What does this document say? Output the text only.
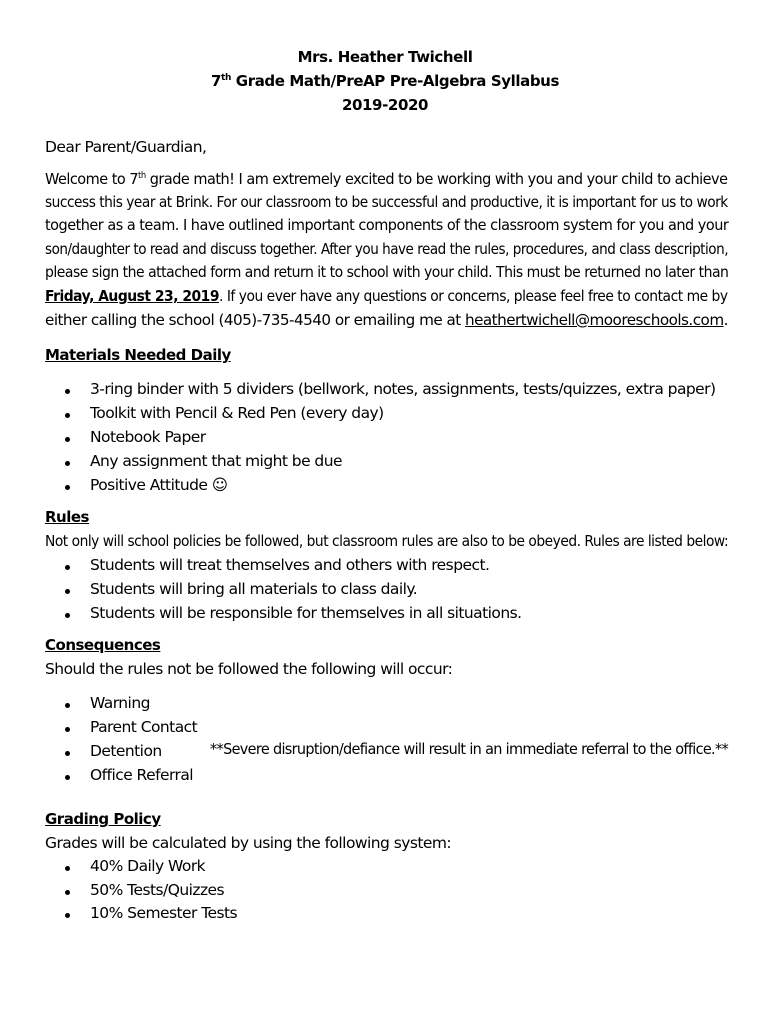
Mrs. Heather Twichell
7th Grade Math/PreAP Pre-Algebra Syllabus
2019-2020
Dear Parent/Guardian,
Welcome to 7th grade math! I am extremely excited to be working with you and your child to achieve
success this year at Brink. For our classroom to be successful and productive, it is important for us to work
together as a team. I have outlined important components of the classroom system for you and your
son/daughter to read and discuss together. After you have read the rules, procedures, and class description,
please sign the attached form and return it to school with your child. This must be returned no later than
Friday, August 23, 2019. If you ever have any questions or concerns, please feel free to contact me by
either calling the school (405)-735-4540 or emailing me at heathertwichell@mooreschools.com.
Materials Needed Daily
3-ring binder with 5 dividers (bellwork, notes, assignments, tests/quizzes, extra paper)
Toolkit with Pencil & Red Pen (every day)
Notebook Paper
Any assignment that might be due
Positive Attitude ☺
Rules
Not only will school policies be followed, but classroom rules are also to be obeyed. Rules are listed below:
Students will treat themselves and others with respect.
Students will bring all materials to class daily.
Students will be responsible for themselves in all situations.
Consequences
Should the rules not be followed the following will occur:
Warning
Parent Contact
Detention	**Severe disruption/defiance will result in an immediate referral to the office.**
Office Referral
Grading Policy
Grades will be calculated by using the following system:
40% Daily Work
50% Tests/Quizzes
10% Semester Tests
